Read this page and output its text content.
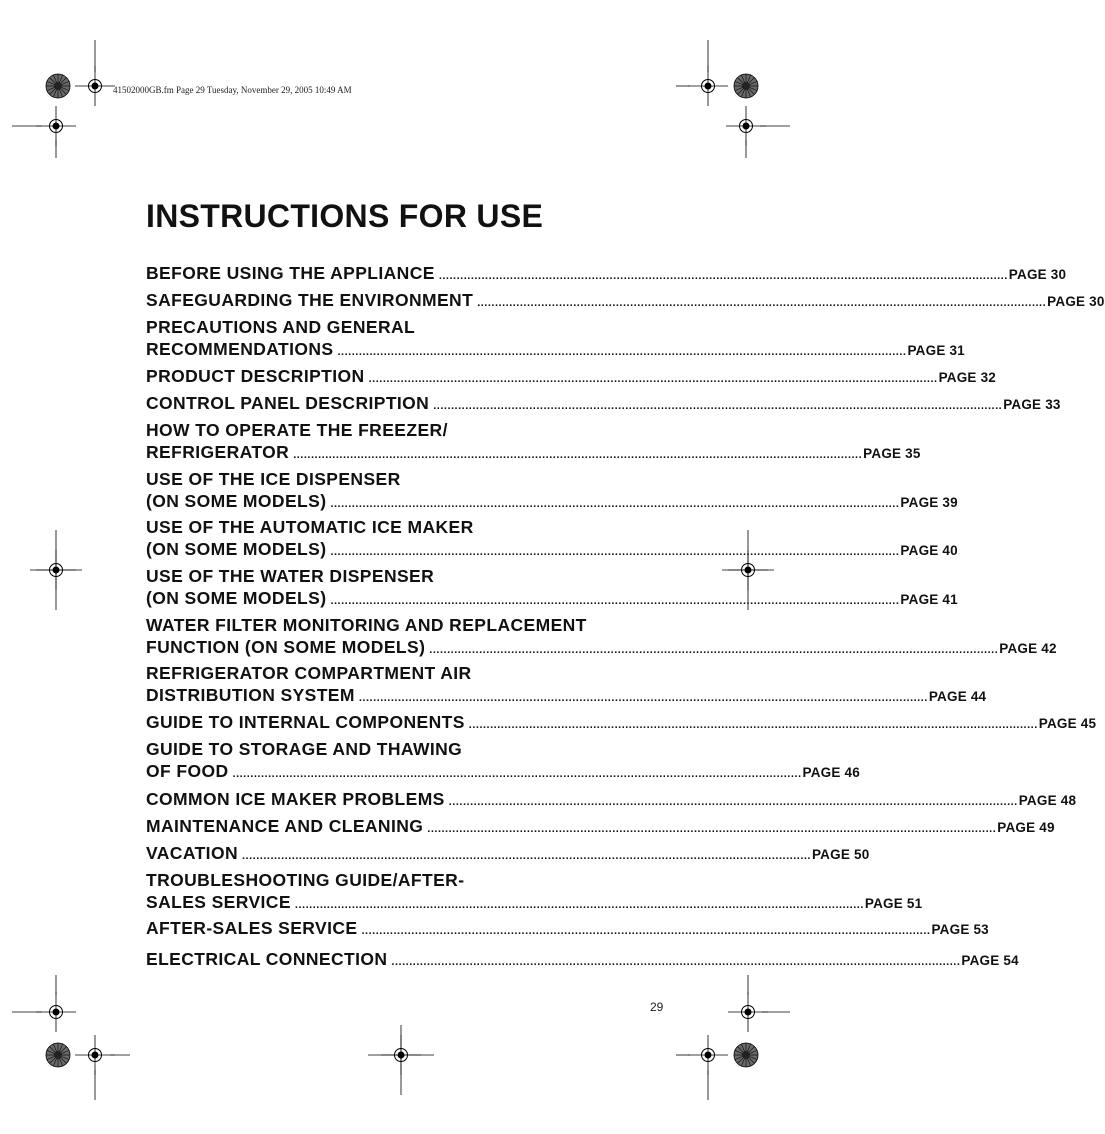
41502000GB.fm Page 29 Tuesday, November 29, 2005 10:49 AM
INSTRUCTIONS FOR USE
BEFORE USING THE APPLIANCE ................................................................................................................................................................ PAGE 30
SAFEGUARDING THE ENVIRONMENT ................................................................................................................................................................ PAGE 30
PRECAUTIONS AND GENERAL
RECOMMENDATIONS ................................................................................................................................................................ PAGE 31
PRODUCT DESCRIPTION ................................................................................................................................................................ PAGE 32
CONTROL PANEL DESCRIPTION ................................................................................................................................................................ PAGE 33
HOW TO OPERATE THE FREEZER/
REFRIGERATOR ................................................................................................................................................................ PAGE 35
USE OF THE ICE DISPENSER
(ON SOME MODELS) ................................................................................................................................................................ PAGE 39
USE OF THE AUTOMATIC ICE MAKER
(ON SOME MODELS) ................................................................................................................................................................ PAGE 40
USE OF THE WATER DISPENSER
(ON SOME MODELS) ................................................................................................................................................................ PAGE 41
WATER FILTER MONITORING AND REPLACEMENT
FUNCTION (ON SOME MODELS) ................................................................................................................................................................ PAGE 42
REFRIGERATOR COMPARTMENT AIR
DISTRIBUTION SYSTEM ................................................................................................................................................................ PAGE 44
GUIDE TO INTERNAL COMPONENTS ................................................................................................................................................................ PAGE 45
GUIDE TO STORAGE AND THAWING
OF FOOD ................................................................................................................................................................ PAGE 46
COMMON ICE MAKER PROBLEMS ................................................................................................................................................................ PAGE 48
MAINTENANCE AND CLEANING ................................................................................................................................................................ PAGE 49
VACATION ................................................................................................................................................................ PAGE 50
TROUBLESHOOTING GUIDE/AFTER-
SALES SERVICE ................................................................................................................................................................ PAGE 51
AFTER-SALES SERVICE ................................................................................................................................................................ PAGE 53
ELECTRICAL CONNECTION ................................................................................................................................................................ PAGE 54
29
